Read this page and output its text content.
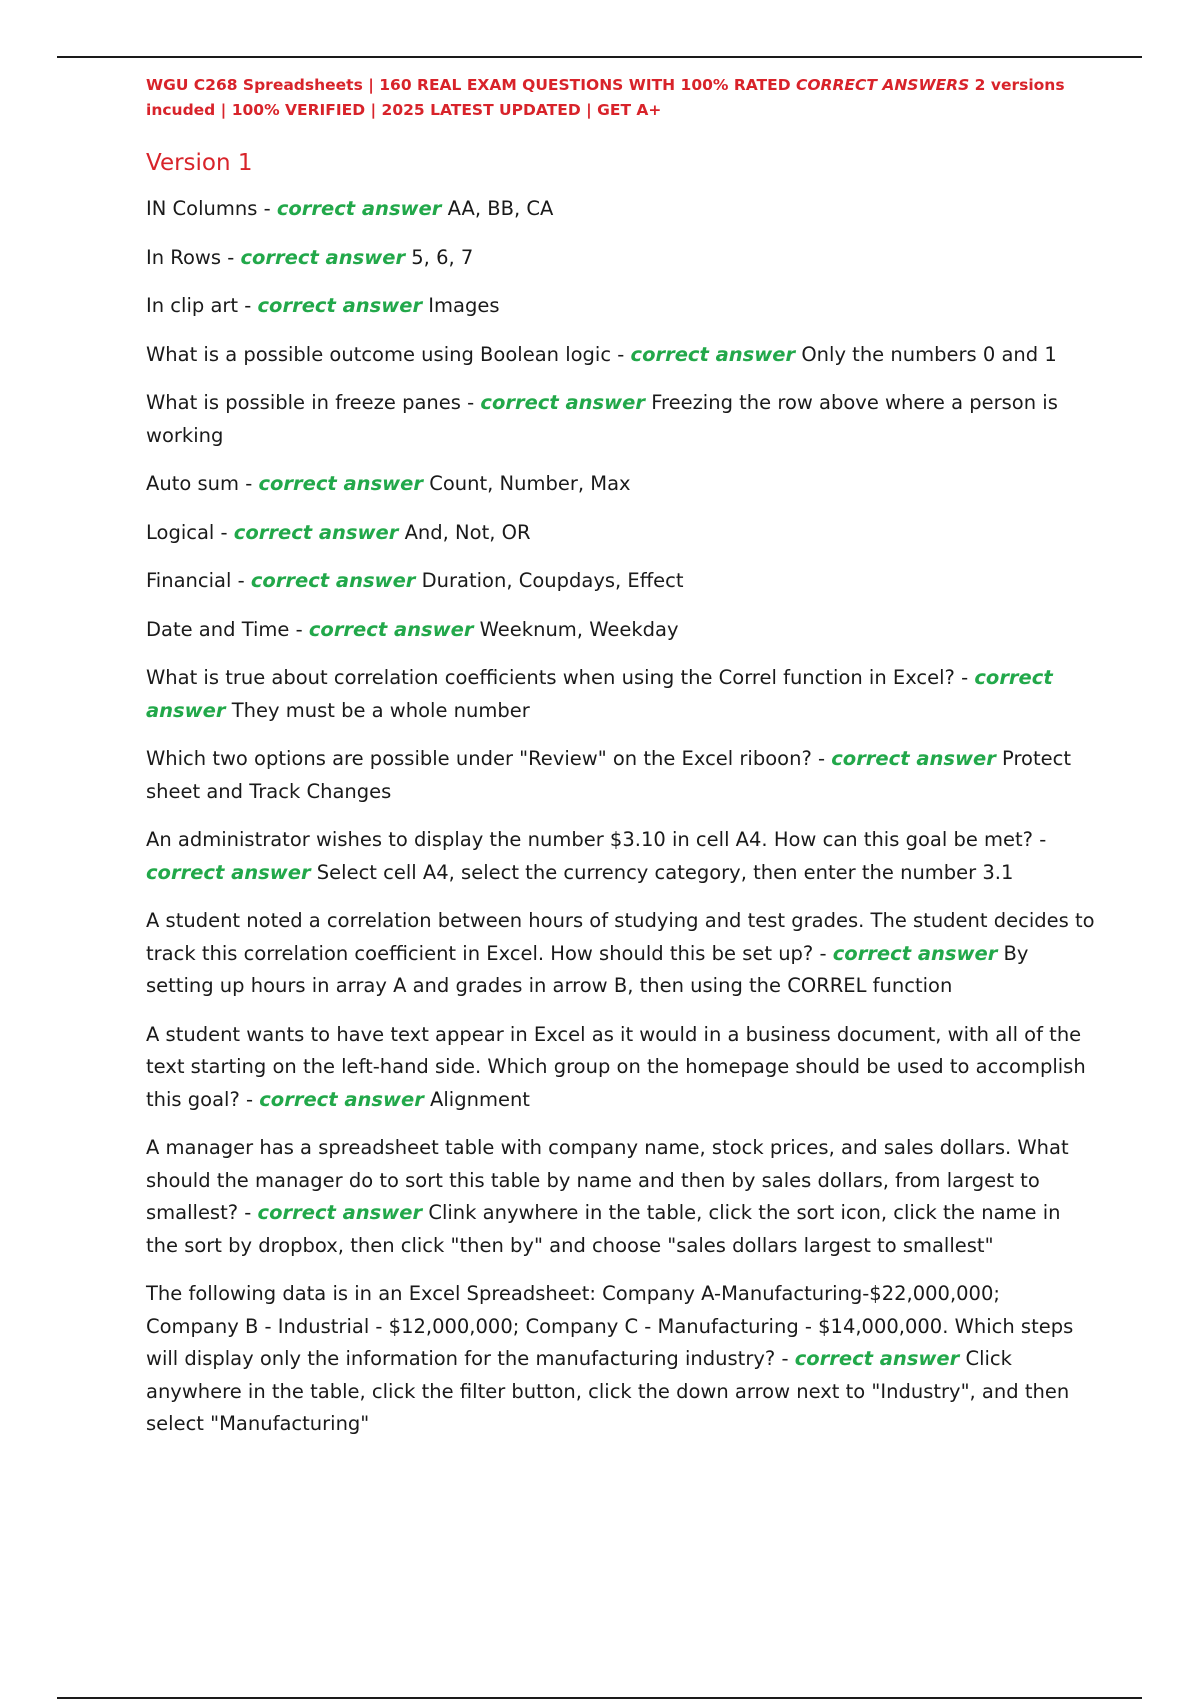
WGU C268 Spreadsheets | 160 REAL EXAM QUESTIONS WITH 100% RATED CORRECT ANSWERS 2 versions incuded | 100% VERIFIED | 2025 LATEST UPDATED | GET A+

Version 1

IN Columns - correct answer AA, BB, CA

In Rows - correct answer 5, 6, 7

In clip art - correct answer Images

What is a possible outcome using Boolean logic - correct answer Only the numbers 0 and 1

What is possible in freeze panes - correct answer Freezing the row above where a person is working

Auto sum - correct answer Count, Number, Max

Logical - correct answer And, Not, OR

Financial - correct answer Duration, Coupdays, Effect

Date and Time - correct answer Weeknum, Weekday

What is true about correlation coefficients when using the Correl function in Excel? - correct answer They must be a whole number

Which two options are possible under "Review" on the Excel riboon? - correct answer Protect sheet and Track Changes

An administrator wishes to display the number $3.10 in cell A4. How can this goal be met? - correct answer Select cell A4, select the currency category, then enter the number 3.1

A student noted a correlation between hours of studying and test grades. The student decides to track this correlation coefficient in Excel. How should this be set up? - correct answer By setting up hours in array A and grades in arrow B, then using the CORREL function

A student wants to have text appear in Excel as it would in a business document, with all of the text starting on the left-hand side. Which group on the homepage should be used to accomplish this goal? - correct answer Alignment

A manager has a spreadsheet table with company name, stock prices, and sales dollars. What should the manager do to sort this table by name and then by sales dollars, from largest to smallest? - correct answer Clink anywhere in the table, click the sort icon, click the name in the sort by dropbox, then click "then by" and choose "sales dollars largest to smallest"

The following data is in an Excel Spreadsheet: Company A-Manufacturing-$22,000,000; Company B - Industrial - $12,000,000; Company C - Manufacturing - $14,000,000. Which steps will display only the information for the manufacturing industry? - correct answer Click anywhere in the table, click the filter button, click the down arrow next to "Industry", and then select "Manufacturing"
